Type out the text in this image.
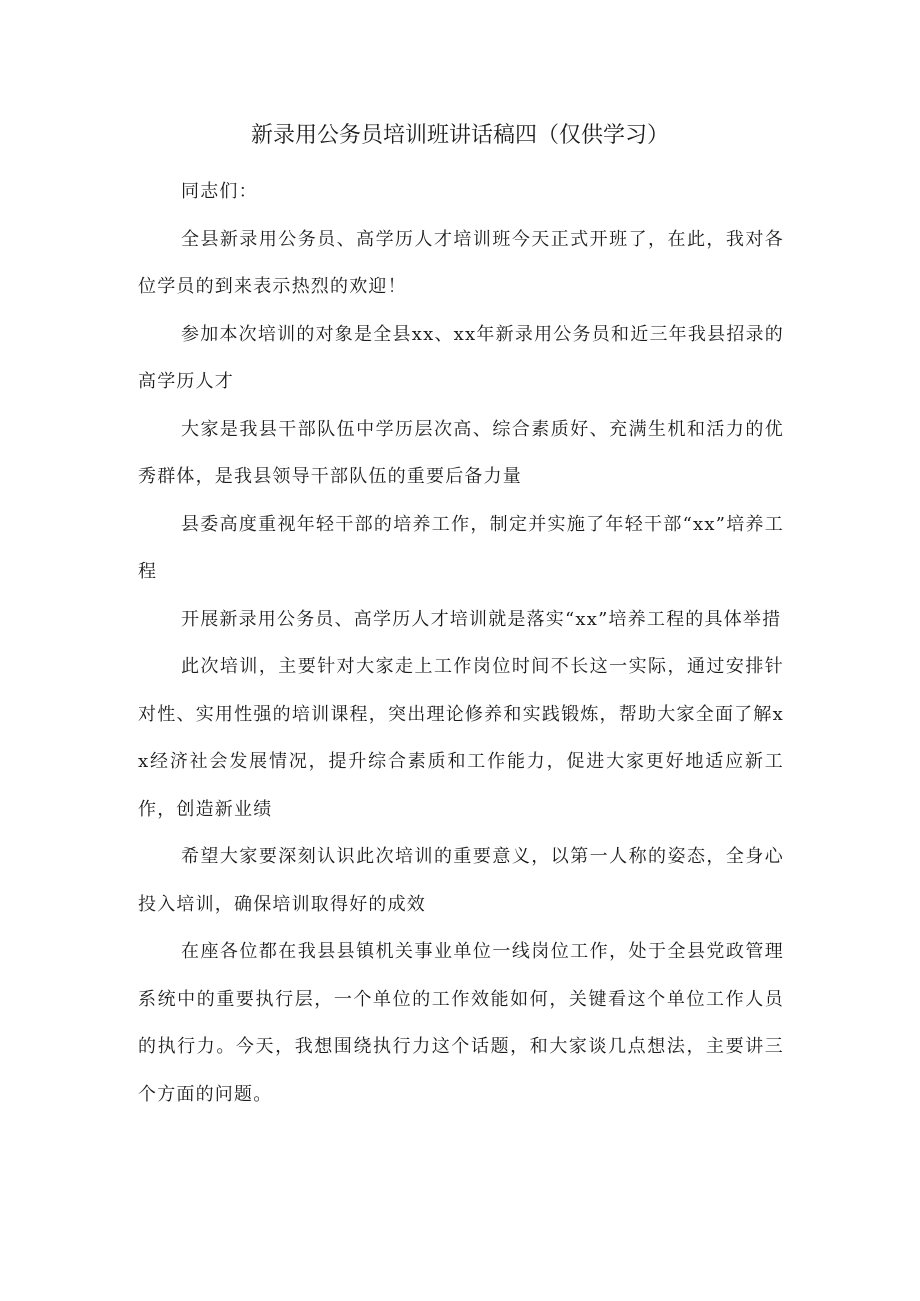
新录用公务员培训班讲话稿四（仅供学习）

同志们：

全县新录用公务员、高学历人才培训班今天正式开班了，在此，我对各位学员的到来表示热烈的欢迎！

参加本次培训的对象是全县xx、xx年新录用公务员和近三年我县招录的高学历人才

大家是我县干部队伍中学历层次高、综合素质好、充满生机和活力的优秀群体，是我县领导干部队伍的重要后备力量

县委高度重视年轻干部的培养工作，制定并实施了年轻干部“xx”培养工程

开展新录用公务员、高学历人才培训就是落实“xx”培养工程的具体举措

此次培训，主要针对大家走上工作岗位时间不长这一实际，通过安排针对性、实用性强的培训课程，突出理论修养和实践锻炼，帮助大家全面了解xx经济社会发展情况，提升综合素质和工作能力，促进大家更好地适应新工作，创造新业绩

希望大家要深刻认识此次培训的重要意义，以第一人称的姿态，全身心投入培训，确保培训取得好的成效

在座各位都在我县县镇机关事业单位一线岗位工作，处于全县党政管理系统中的重要执行层，一个单位的工作效能如何，关键看这个单位工作人员的执行力。今天，我想围绕执行力这个话题，和大家谈几点想法，主要讲三个方面的问题。
